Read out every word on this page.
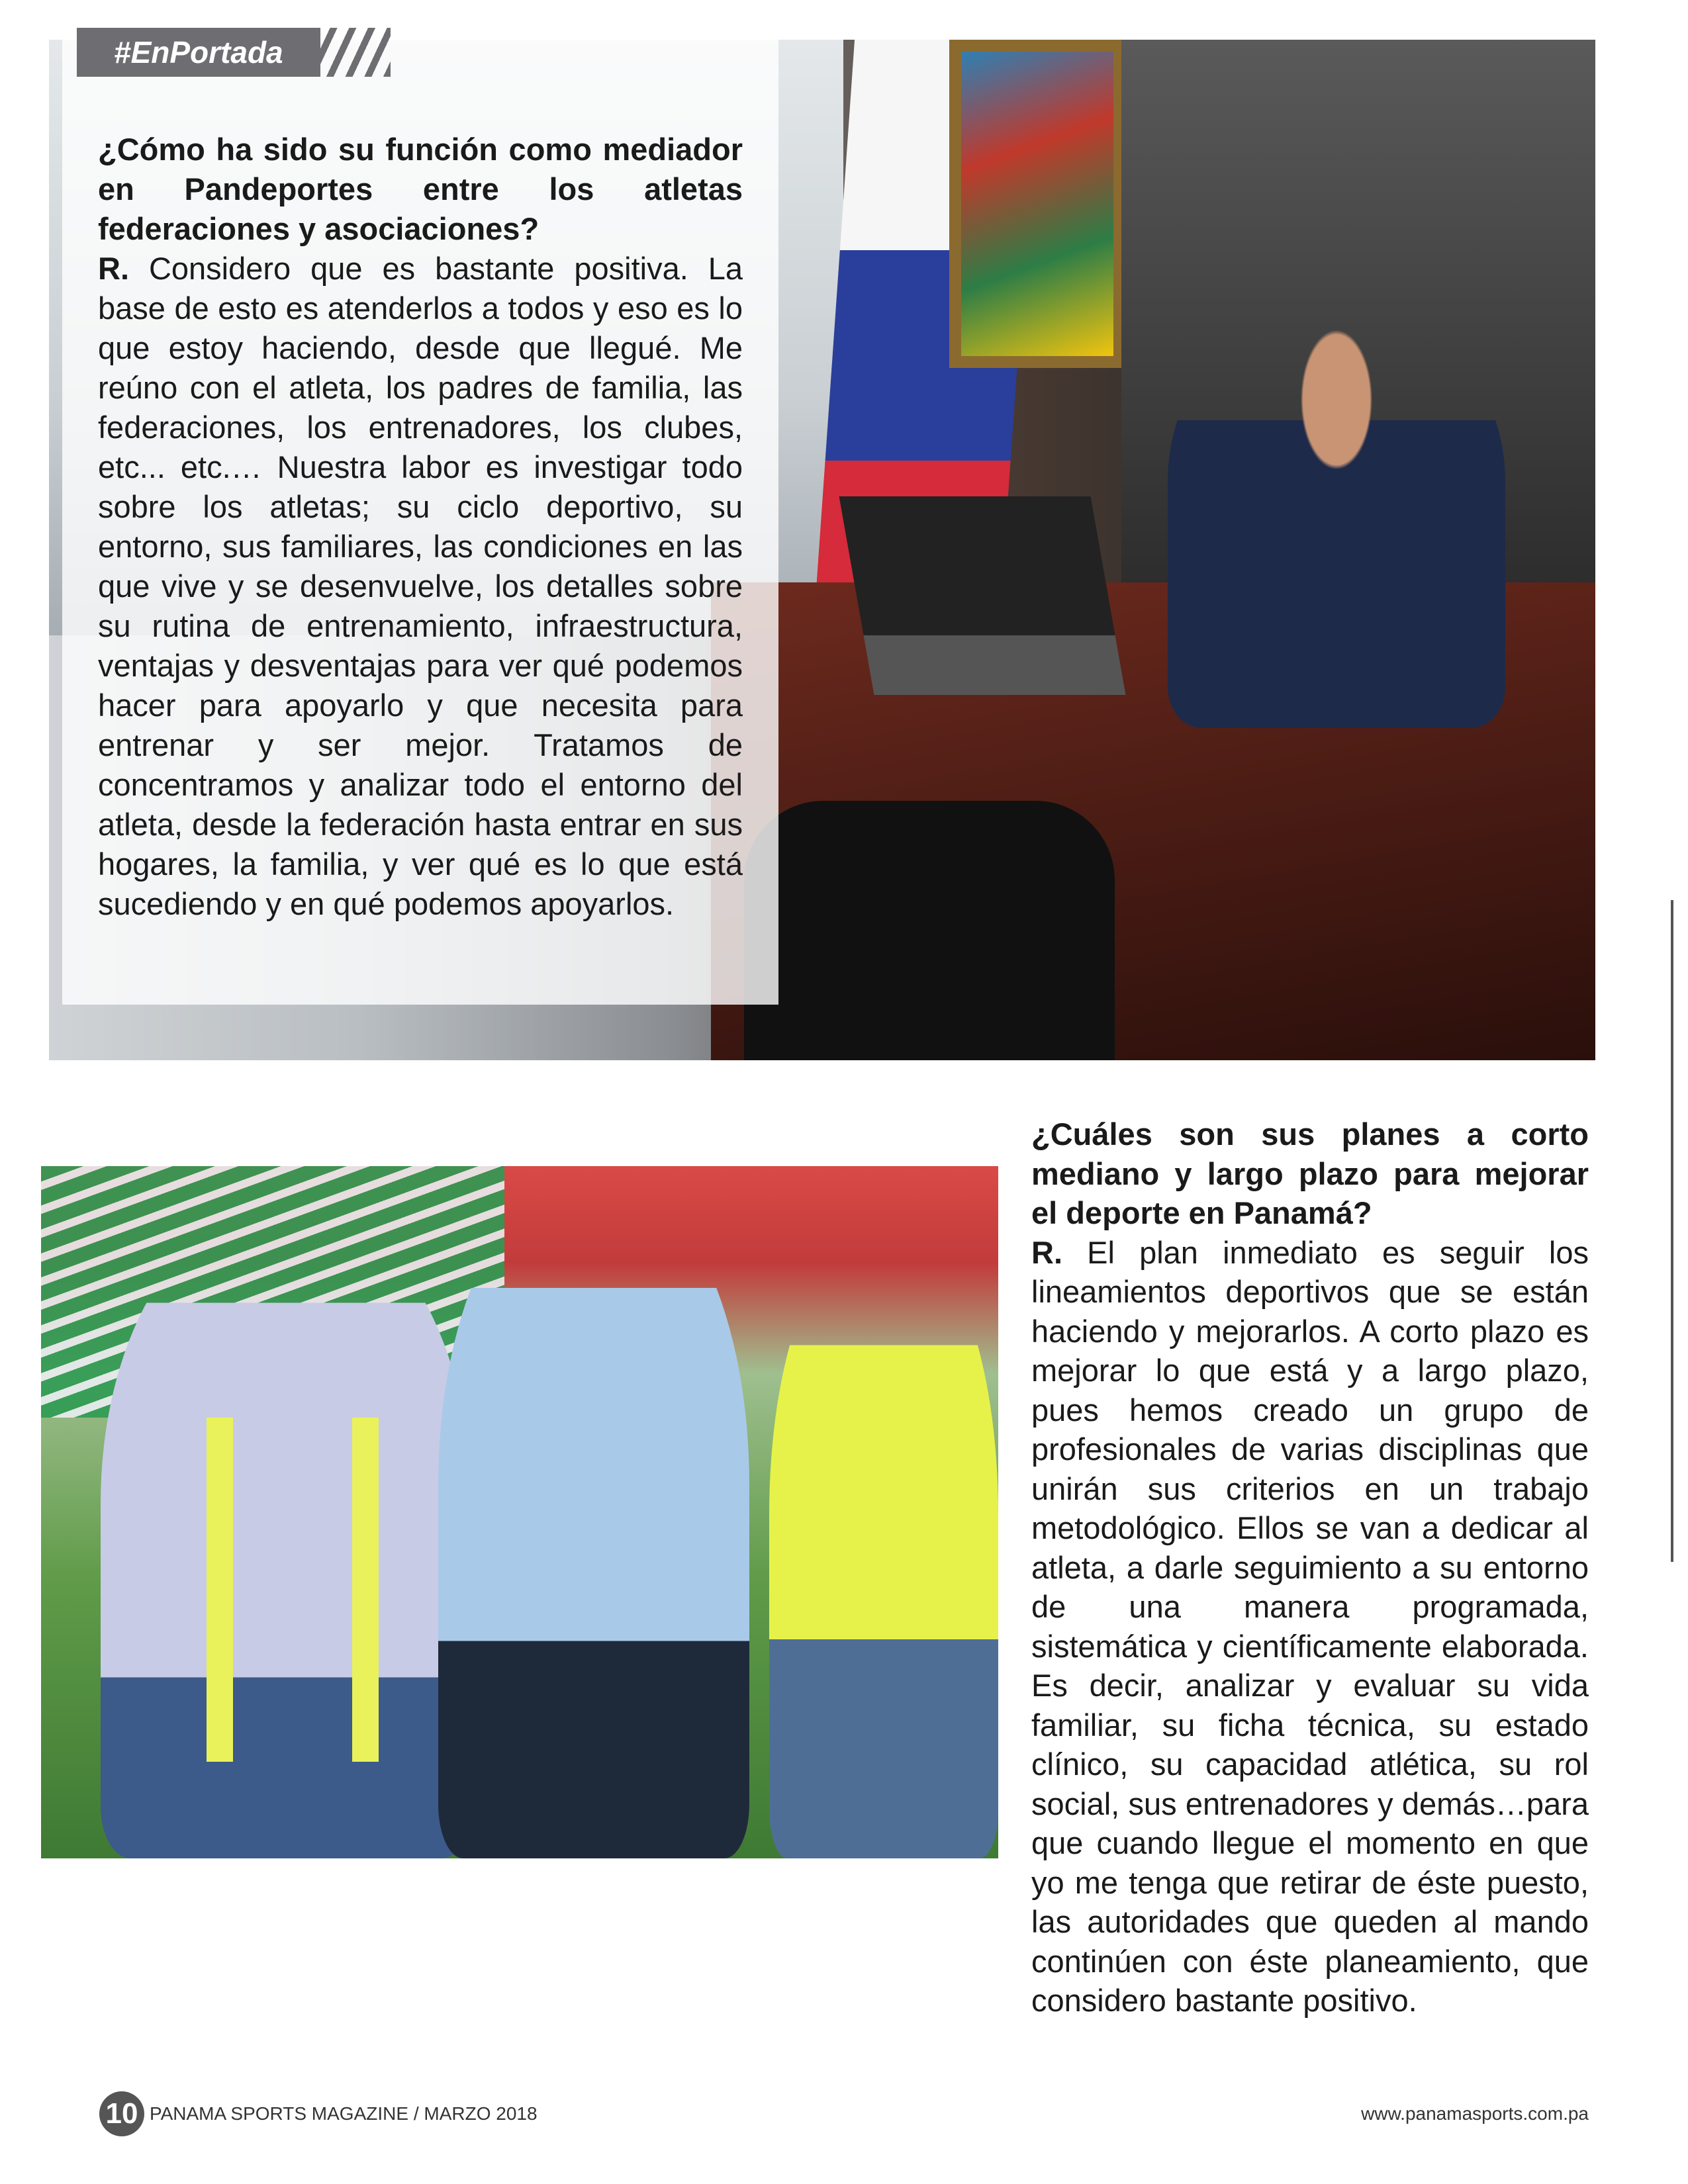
#EnPortada
¿Cómo ha sido su función como mediador en Pandeportes entre los atletas federaciones y asociaciones?
R. Considero que es bastante positiva. La base de esto es atenderlos a todos y eso es lo que estoy haciendo, desde que llegué. Me reúno con el atleta, los padres de familia, las federaciones, los entrenadores, los clubes, etc... etc.… Nuestra labor es investigar todo sobre los atletas; su ciclo deportivo, su entorno, sus familiares, las condiciones en las que vive y se desenvuelve, los detalles sobre su rutina de entrenamiento, infraestructura, ventajas y desventajas para ver qué podemos hacer para apoyarlo y que necesita para entrenar y ser mejor. Tratamos de concentramos y analizar todo el entorno del atleta, desde la federación hasta entrar en sus hogares, la familia, y ver qué es lo que está sucediendo y en qué podemos apoyarlos.
¿Cuáles son sus planes a corto mediano y largo plazo para mejorar el deporte en Panamá?
R. El plan inmediato es seguir los lineamientos deportivos que se están haciendo y mejorarlos. A corto plazo es mejorar lo que está y a largo plazo, pues hemos creado un grupo de profesionales de varias disciplinas que unirán sus criterios en un trabajo metodológico. Ellos se van a dedicar al atleta, a darle seguimiento a su entorno de una manera programada, sistemática y científicamente elaborada. Es decir, analizar y evaluar su vida familiar, su ficha técnica, su estado clínico, su capacidad atlética, su rol social, sus entrenadores y demás…para que cuando llegue el momento en que yo me tenga que retirar de éste puesto, las autoridades que queden al mando continúen con éste planeamiento, que considero bastante positivo.
10 PANAMA SPORTS MAGAZINE / MARZO 2018	www.panamasports.com.pa
